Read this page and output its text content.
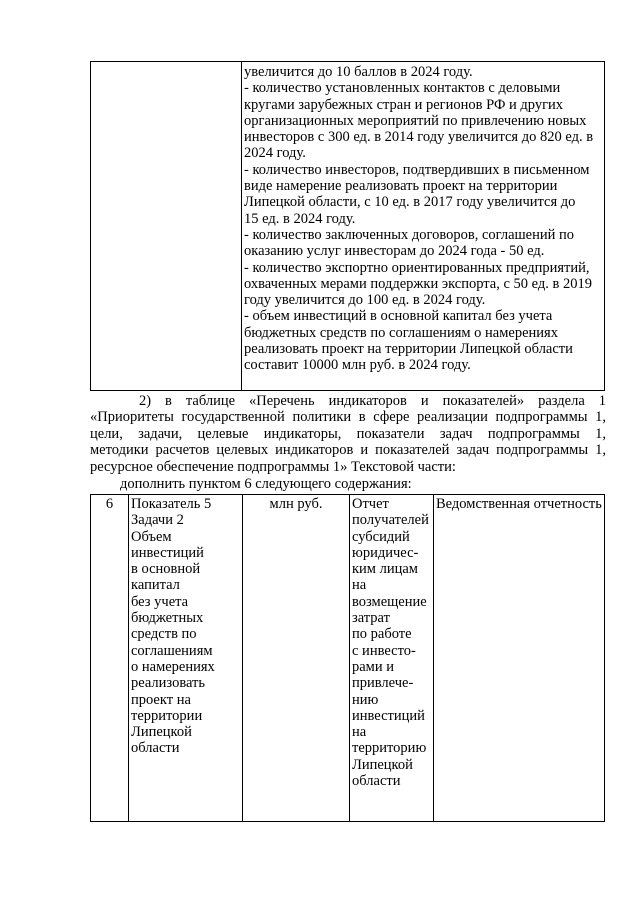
увеличится до 10 баллов в 2024 году.
- количество установленных контактов с деловыми
кругами зарубежных стран и регионов РФ и других
организационных мероприятий по привлечению новых
инвесторов с 300 ед. в 2014 году увеличится до 820 ед. в
2024 году.
- количество инвесторов, подтвердивших в письменном
виде намерение реализовать проект на территории
Липецкой области, с 10 ед. в 2017 году увеличится до
15 ед. в 2024 году.
- количество заключенных договоров, соглашений по
оказанию услуг инвесторам до 2024 года - 50 ед.
- количество экспортно ориентированных предприятий,
охваченных мерами поддержки экспорта, с 50 ед. в 2019
году увеличится до 100 ед. в 2024 году.
- объем инвестиций в основной капитал без учета
бюджетных средств по соглашениям о намерениях
реализовать проект на территории Липецкой области
составит 10000 млн руб. в 2024 году.
2)  в  таблице  «Перечень  индикаторов  и  показателей»  раздела  1
«Приоритеты государственной политики в сфере реализации подпрограммы 1,
цели,  задачи,  целевые  индикаторы,  показатели  задач  подпрограммы  1,
методики расчетов целевых индикаторов и показателей задач подпрограммы 1,
ресурсное обеспечение подпрограммы 1» Текстовой части:
дополнить пунктом 6 следующего содержания:
6	Показатель 5
Задачи 2
Объем
инвестиций
в основной
капитал
без учета
бюджетных
средств по
соглашениям
о намерениях
реализовать
проект на
территории
Липецкой
области
	млн руб.	Отчет
получателей
субсидий
юридичес-
ким лицам
на
возмещение
затрат
по работе
с инвесто-
рами и
привлече-
нию
инвестиций
на
территорию
Липецкой
области
	Ведомственная отчетность
